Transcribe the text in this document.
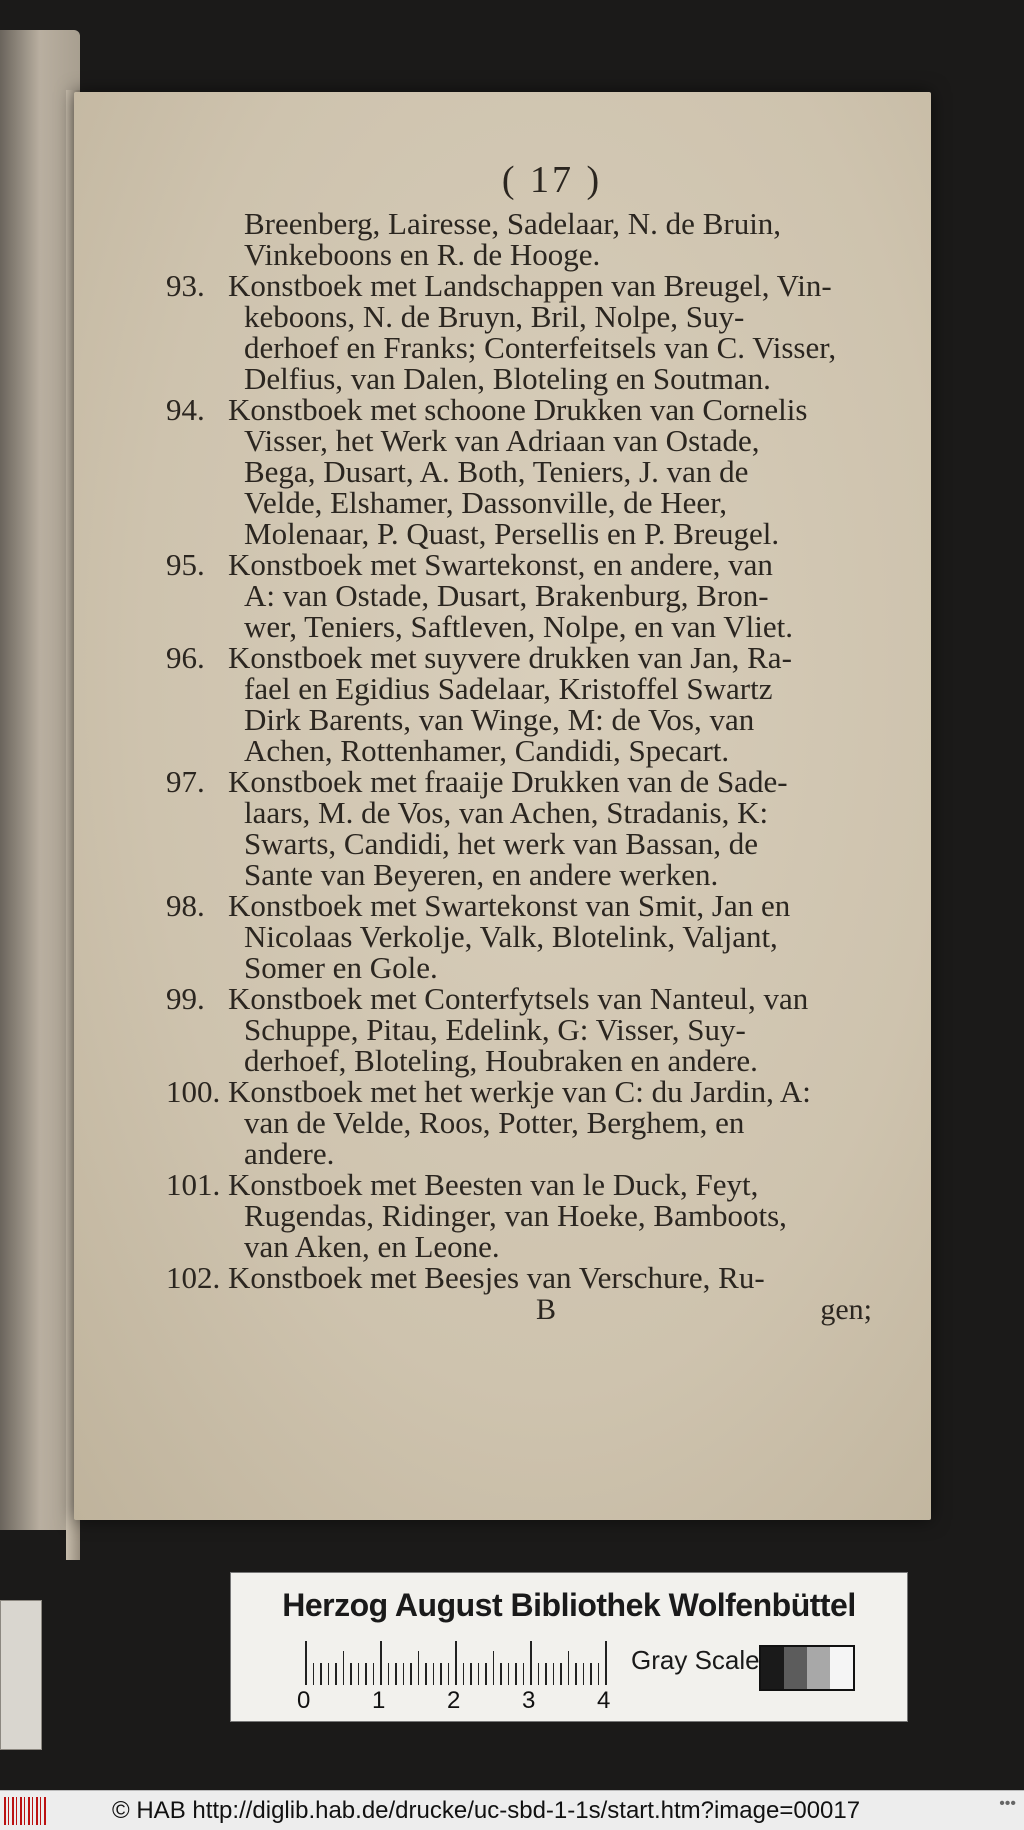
( 17 )
Breenberg, Lairesse, Sadelaar, N. de Bruin,
Vinkeboons en R. de Hooge.
93. Konstboek met Landschappen van Breugel, Vin-
keboons, N. de Bruyn, Bril, Nolpe, Suy-
derhoef en Franks; Conterfeitsels van C. Visser,
Delfius, van Dalen, Bloteling en Soutman.
94. Konstboek met schoone Drukken van Cornelis
Visser, het Werk van Adriaan van Ostade,
Bega, Dusart, A. Both, Teniers, J. van de
Velde, Elshamer, Dassonville, de Heer,
Molenaar, P. Quast, Persellis en P. Breugel.
95. Konstboek met Swartekonst, en andere, van
A: van Ostade, Dusart, Brakenburg, Bron-
wer, Teniers, Saftleven, Nolpe, en van Vliet.
96. Konstboek met suyvere drukken van Jan, Ra-
fael en Egidius Sadelaar, Kristoffel Swartz
Dirk Barents, van Winge, M: de Vos, van
Achen, Rottenhamer, Candidi, Specart.
97. Konstboek met fraaije Drukken van de Sade-
laars, M. de Vos, van Achen, Stradanis, K:
Swarts, Candidi, het werk van Bassan, de
Sante van Beyeren, en andere werken.
98. Konstboek met Swartekonst van Smit, Jan en
Nicolaas Verkolje, Valk, Blotelink, Valjant,
Somer en Gole.
99. Konstboek met Conterfytsels van Nanteul, van
Schuppe, Pitau, Edelink, G: Visser, Suy-
derhoef, Bloteling, Houbraken en andere.
100. Konstboek met het werkje van C: du Jardin, A:
van de Velde, Roos, Potter, Berghem, en
andere.
101. Konstboek met Beesten van le Duck, Feyt,
Rugendas, Ridinger, van Hoeke, Bamboots,
van Aken, en Leone.
102. Konstboek met Beesjes van Verschure, Ru-
B	gen;
Herzog August Bibliothek Wolfenbüttel
0	1	2	3	4
Gray Scale
© HAB http://diglib.hab.de/drucke/uc-sbd-1-1s/start.htm?image=00017	•••
